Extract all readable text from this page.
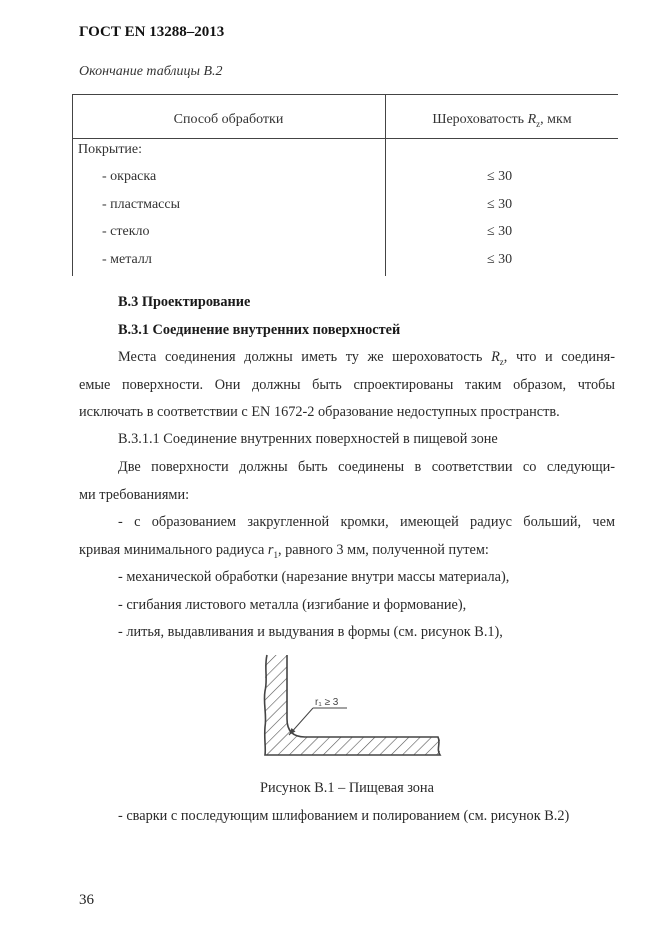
ГОСТ EN 13288–2013
Окончание таблицы В.2
Способ обработки	Шероховатость $R_z$, мкм
Покрытие:
- окраска	≤ 30
- пластмассы	≤ 30
- стекло	≤ 30
- металл	≤ 30
В.3 Проектирование
В.3.1 Соединение внутренних поверхностей
Места соединения должны иметь ту же шероховатость $R_z$, что и соединя-
емые поверхности. Они должны быть спроектированы таким образом, чтобы
исключать в соответствии с EN 1672-2 образование недоступных пространств.
В.3.1.1 Соединение внутренних поверхностей в пищевой зоне
Две поверхности должны быть соединены в соответствии со следующи-
ми требованиями:
- с образованием закругленной кромки, имеющей радиус больший, чем
кривая минимального радиуса $r_1$, равного 3 мм, полученной путем:
- механической обработки (нарезание внутри массы материала),
- сгибания листового металла (изгибание и формование),
- литья, выдавливания и выдувания в формы (см. рисунок В.1),
r₁ ≥ 3
Рисунок В.1 – Пищевая зона
- сварки с последующим шлифованием и полированием (см. рисунок В.2)
36
